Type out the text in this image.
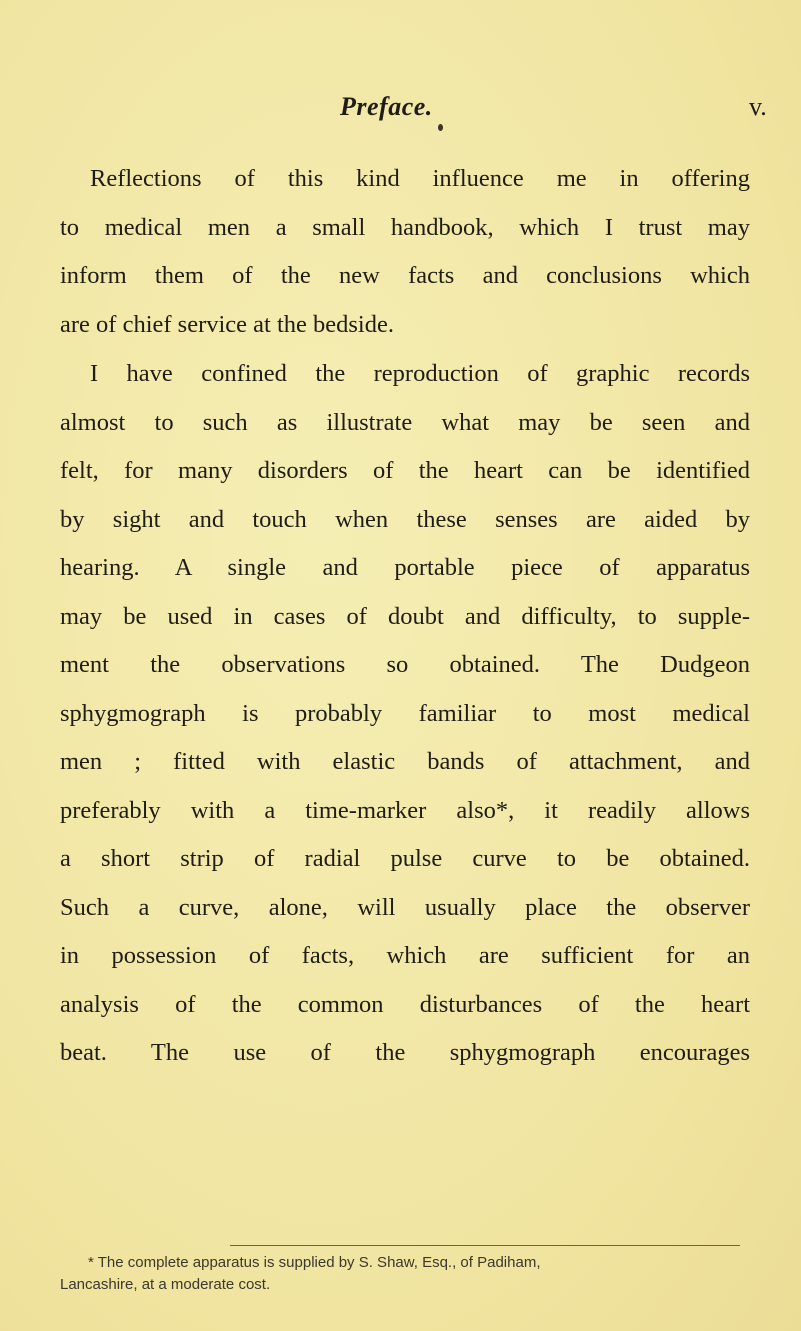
Preface.	v.
Reflections of this kind influence me in offering
to medical men a small handbook, which I trust may
inform them of the new facts and conclusions which
are of chief service at the bedside.
I have confined the reproduction of graphic records
almost to such as illustrate what may be seen and
felt, for many disorders of the heart can be identified
by sight and touch when these senses are aided by
hearing. A single and portable piece of apparatus
may be used in cases of doubt and difficulty, to supple-
ment the observations so obtained. The Dudgeon
sphygmograph is probably familiar to most medical
men ; fitted with elastic bands of attachment, and
preferably with a time-marker also*, it readily allows
a short strip of radial pulse curve to be obtained.
Such a curve, alone, will usually place the observer
in possession of facts, which are sufficient for an
analysis of the common disturbances of the heart
beat. The use of the sphygmograph encourages
* The complete apparatus is supplied by S. Shaw, Esq., of Padiham,
Lancashire, at a moderate cost.
